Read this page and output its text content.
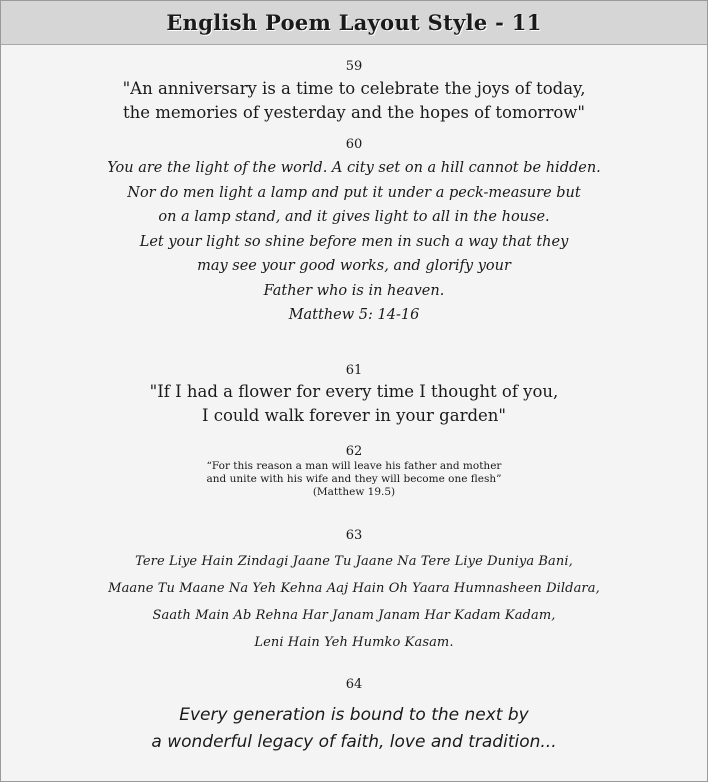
English Poem Layout Style - 11
59
"An anniversary is a time to celebrate the joys of today,
the memories of yesterday and the hopes of tomorrow"
60
You are the light of the world. A city set on a hill cannot be hidden.
Nor do men light a lamp and put it under a peck-measure but
on a lamp stand, and it gives light to all in the house.
Let your light so shine before men in such a way that they
may see your good works, and glorify your
Father who is in heaven.
Matthew 5: 14-16
61
"If I had a flower for every time I thought of you,
I could walk forever in your garden"
62
“For this reason a man will leave his father and mother
and unite with his wife and they will become one flesh”
(Matthew 19.5)
63
Tere Liye Hain Zindagi Jaane Tu Jaane Na Tere Liye Duniya Bani,
Maane Tu Maane Na Yeh Kehna Aaj Hain Oh Yaara Humnasheen Dildara,
Saath Main Ab Rehna Har Janam Janam Har Kadam Kadam,
Leni Hain Yeh Humko Kasam.
64
Every generation is bound to the next by
a wonderful legacy of faith, love and tradition...
